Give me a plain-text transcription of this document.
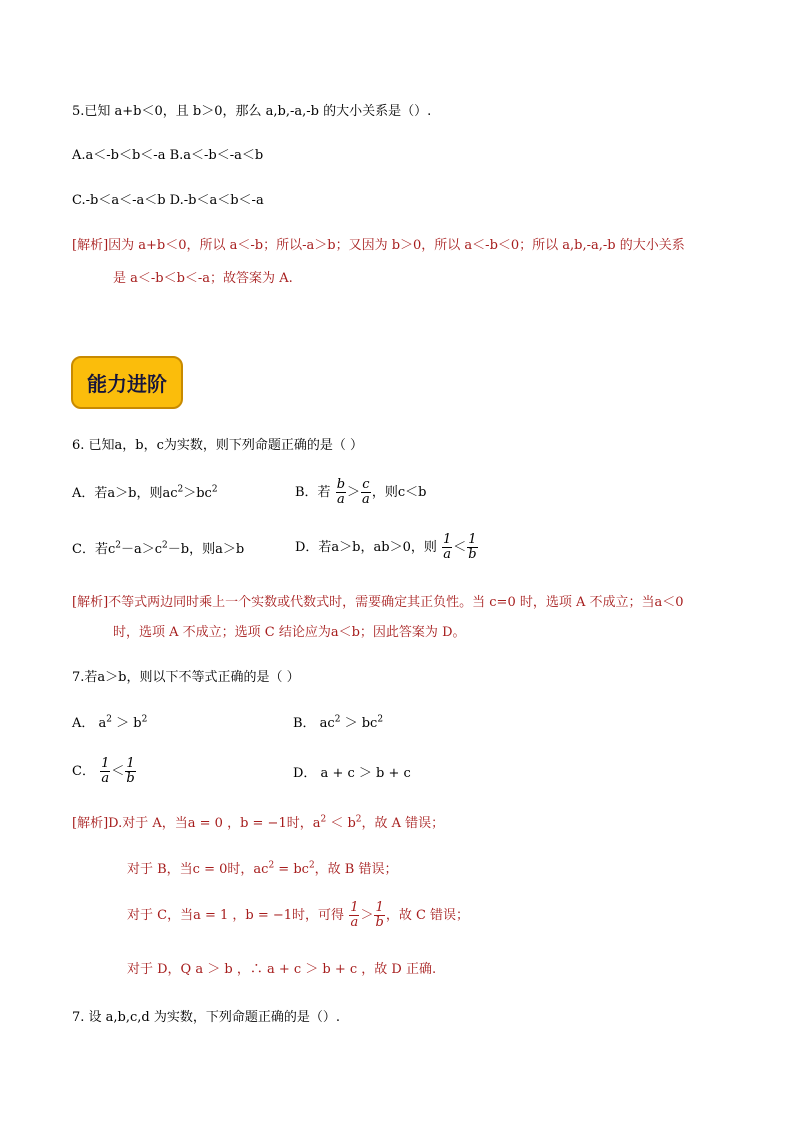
5.已知 a+b＜0，且 b＞0，那么 a,b,-a,-b 的大小关系是（）.
A.a＜-b＜b＜-a B.a＜-b＜-a＜b
C.-b＜a＜-a＜b D.-b＜a＜b＜-a
[解析]因为 a+b＜0，所以 a＜-b；所以-a＞b；又因为 b＞0，所以 a＜-b＜0；所以 a,b,-a,-b 的大小关系
是 a＜-b＜b＜-a；故答案为 A.
能力进阶
6. 已知a，b，c为实数，则下列命题正确的是（ ）
A．若a＞b，则$ac^2>bc^2$	B．若 $\frac{b}{a} > \frac{c}{a}$ ，则c＜b
C．若$c^2-a>c^2-b$，则a＞b	D．若a＞b，ab＞0，则 $\frac{1}{a} < \frac{1}{b}$
[解析]不等式两边同时乘上一个实数或代数式时，需要确定其正负性。当 c=0 时，选项 A 不成立；当a＜0
时，选项 A 不成立；选项 C 结论应为a＜b；因此答案为 D。
7.若a＞b，则以下不等式正确的是（ ）
A． $a^2 > b^2$	B． $ac^2 > bc^2$
C． $\frac{1}{a} < \frac{1}{b}$	D． a + c ＞ b + c
[解析]D.对于 A，当a = 0 ，b = −1时，$a^2 < b^2$，故 A 错误；
对于 B，当c = 0时，$ac^2 = bc^2$，故 B 错误；
对于 C，当a = 1 ，b = −1时，可得 $\frac{1}{a} > \frac{1}{b}$ ，故 C 错误；
对于 D，Q a ＞ b ，∴ a + c ＞ b + c ，故 D 正确.
7. 设 a,b,c,d 为实数，下列命题正确的是（）.
